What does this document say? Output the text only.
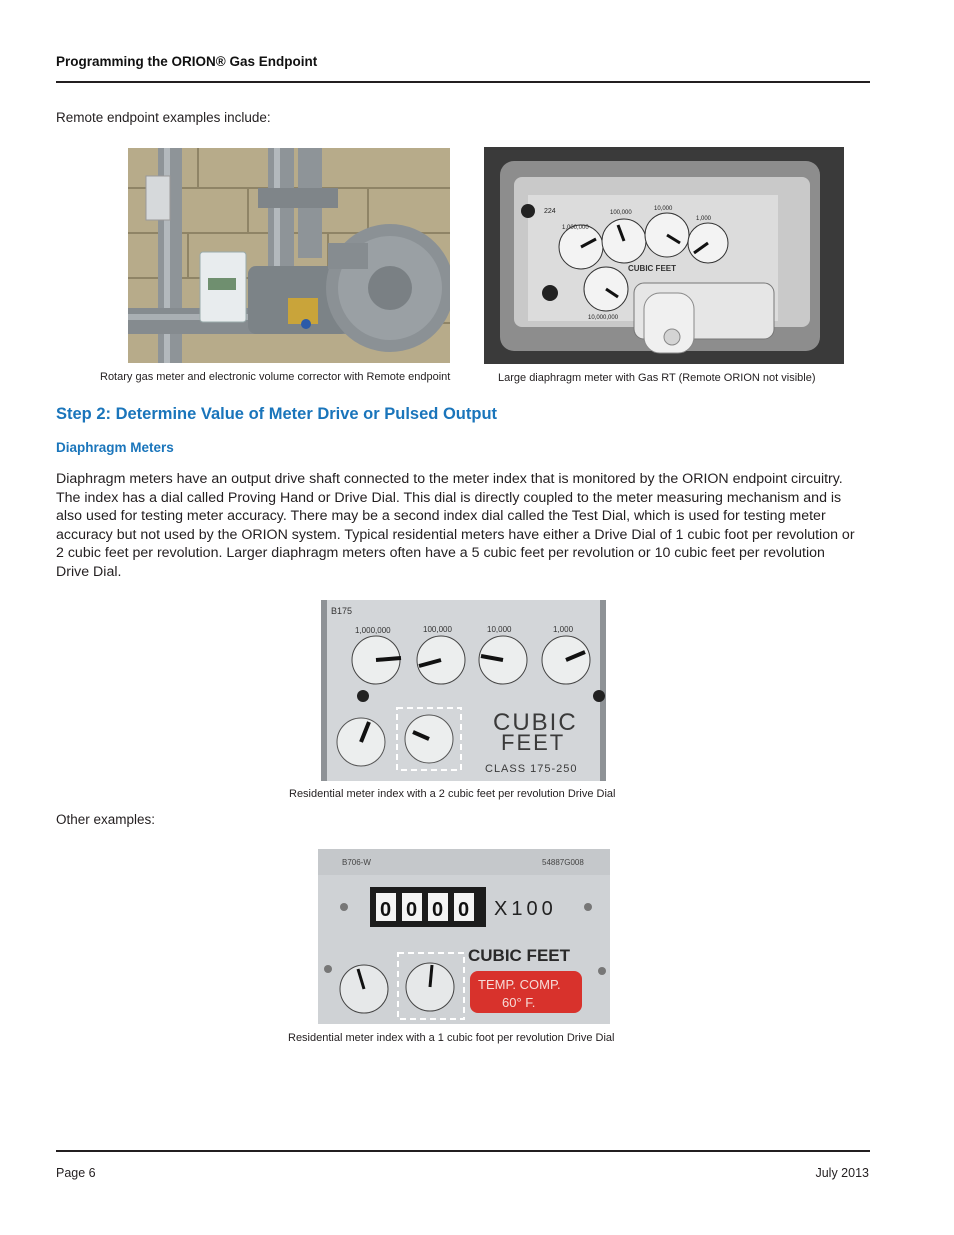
Programming the ORION® Gas Endpoint
Remote endpoint examples include:
Rotary gas meter and electronic volume corrector with Remote endpoint
224
1,000,000
100,000
10,000
1,000
10,000,000
CUBIC FEET
Large diaphragm meter with Gas RT (Remote ORION not visible)
Step 2: Determine Value of Meter Drive or Pulsed Output
Diaphragm Meters
Diaphragm meters have an output drive shaft connected to the meter index that is monitored by the ORION endpoint circuitry. The index has a dial called Proving Hand or Drive Dial. This dial is directly coupled to the meter measuring mechanism and is also used for testing meter accuracy. There may be a second index dial called the Test Dial, which is used for testing meter accuracy but not used by the ORION system. Typical residential meters have either a Drive Dial of 1 cubic foot per revolution or 2 cubic feet per revolution. Larger diaphragm meters often have a 5 cubic feet per revolution or 10 cubic feet per revolution Drive Dial.
B175
1,000,000	100,000	10,000	1,000
CUBIC
FEET
CLASS 175-250
Residential meter index with a 2 cubic feet per revolution Drive Dial
Other examples:
B706-W	54887G008
0 0 0 0 X100
CUBIC FEET
TEMP. COMP.
60° F.
Residential meter index with a 1 cubic foot per revolution Drive Dial
Page 6	July 2013
